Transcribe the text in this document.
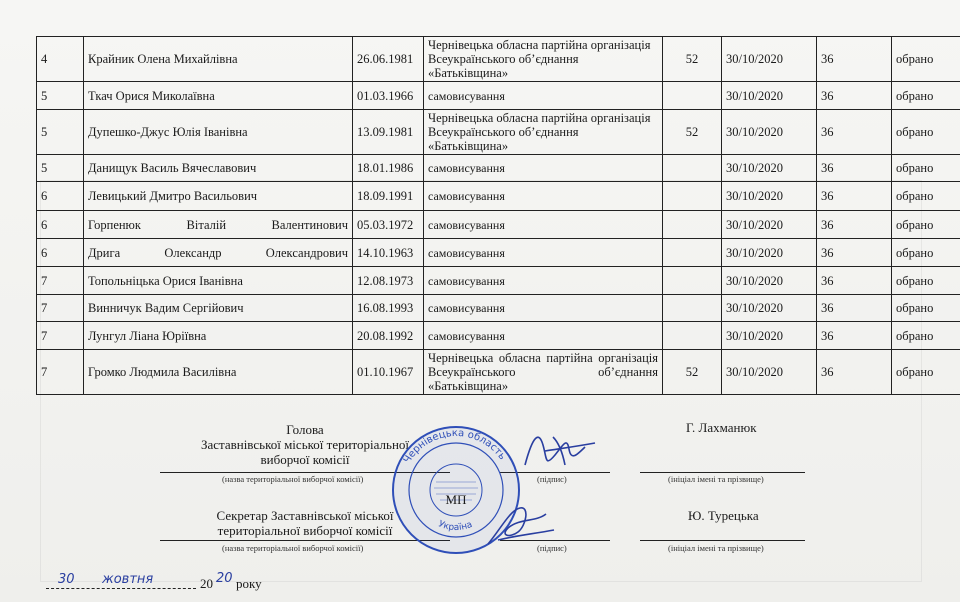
4	Крайник Олена Михайлівна	26.06.1981	Чернівецька обласна партійна організація Всеукраїнського об’єднання «Батьківщина»	52	30/10/2020	36	обрано
5	Ткач Орися Миколаївна	01.03.1966	самовисування		30/10/2020	36	обрано
5	Дупешко-Джус Юлія Іванівна	13.09.1981	Чернівецька обласна партійна організація Всеукраїнського об’єднання «Батьківщина»	52	30/10/2020	36	обрано
5	Данищук Василь Вячеславович	18.01.1986	самовисування		30/10/2020	36	обрано
6	Левицький Дмитро Васильович	18.09.1991	самовисування		30/10/2020	36	обрано
6	Горпенюк Віталій Валентинович	05.03.1972	самовисування		30/10/2020	36	обрано
6	Дрига Олександр Олександрович	14.10.1963	самовисування		30/10/2020	36	обрано
7	Топольніцька Орися Іванівна	12.08.1973	самовисування		30/10/2020	36	обрано
7	Винничук Вадим Сергійович	16.08.1993	самовисування		30/10/2020	36	обрано
7	Лунгул Ліана Юріївна	20.08.1992	самовисування		30/10/2020	36	обрано
7	Громко Людмила Василівна	01.10.1967	Чернівецька обласна партійна організація Всеукраїнського об’єднання «Батьківщина»	52	30/10/2020	36	обрано
Голова
Заставнівської міської територіальної
виборчої комісії
(назва територіальної виборчої комісії)	(підпис)	(ініціал імені та прізвище)
Г. Лахманюк
Секретар Заставнівської міської
територіальної виборчої комісії
(назва територіальної виборчої комісії)	(підпис)	(ініціал імені та прізвище)
Ю. Турецька
Чернівецька область
Україна
МП
30 жовтня	20 20 року
